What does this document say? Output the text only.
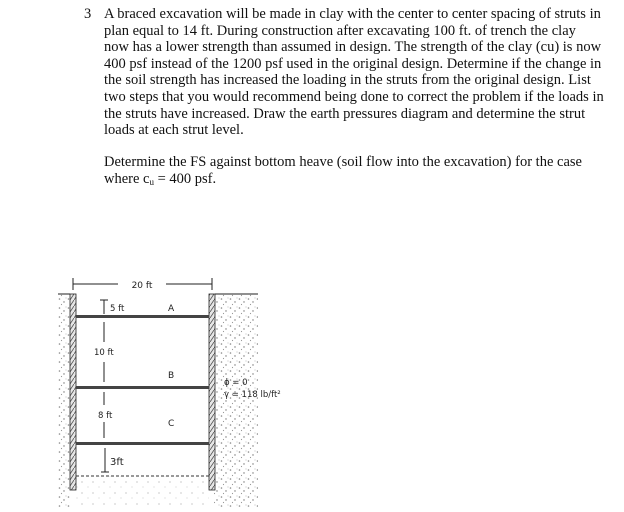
3 A braced excavation will be made in clay with the center to center spacing of struts in plan equal to 14 ft. During construction after excavating 100 ft. of trench the clay now has a lower strength than assumed in design. The strength of the clay (cu) is now 400 psf instead of the 1200 psf used in the original design. Determine if the change in the soil strength has increased the loading in the struts from the original design. List two steps that you would recommend being done to correct the problem if the loads in the struts have increased. Draw the earth pressures diagram and determine the strut loads at each strut level.

Determine the FS against bottom heave (soil flow into the excavation) for the case where $c_u = 400$ psf.

20 ft
5 ft
10 ft
8 ft
3ft
A
B
C
ϕ = 0
γ = 118 lb/ft²
